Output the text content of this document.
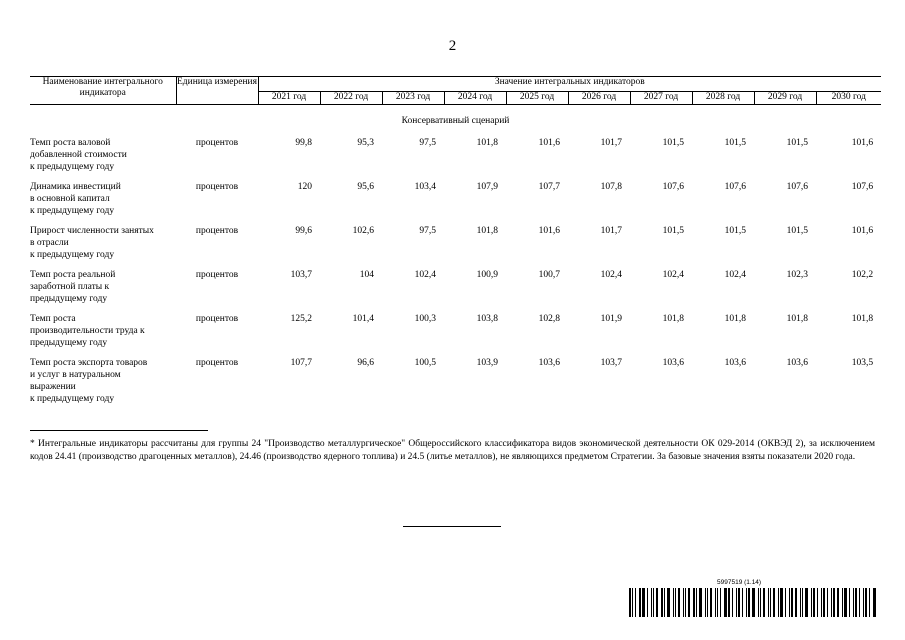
2
Наименование интегрального индикатора	Единица измерения	Значение интегральных индикаторов									
		2021 год	2022 год	2023 год	2024 год	2025 год	2026 год	2027 год	2028 год	2029 год	2030 год
Консервативный сценарий											

Темп роста валовой
добавленной стоимости
к предыдущему году	процентов	99,8	95,3	97,5	101,8	101,6	101,7	101,5	101,5	101,5	101,6

Динамика инвестиций
в основной капитал
к предыдущему году	процентов	120	95,6	103,4	107,9	107,7	107,8	107,6	107,6	107,6	107,6

Прирост численности занятых
в отрасли
к предыдущему году	процентов	99,6	102,6	97,5	101,8	101,6	101,7	101,5	101,5	101,5	101,6

Темп роста реальной
заработной платы к
предыдущему году	процентов	103,7	104	102,4	100,9	100,7	102,4	102,4	102,4	102,3	102,2

Темп роста
производительности труда к
предыдущему году	процентов	125,2	101,4	100,3	103,8	102,8	101,9	101,8	101,8	101,8	101,8

Темп роста экспорта товаров
и услуг в натуральном
выражении
к предыдущему году	процентов	107,7	96,6	100,5	103,9	103,6	103,7	103,6	103,6	103,6	103,5
* Интегральные индикаторы рассчитаны для группы 24 "Производство металлургическое" Общероссийского классификатора видов экономической деятельности ОК 029-2014 (ОКВЭД 2), за исключением кодов 24.41 (производство драгоценных металлов), 24.46 (производство ядерного топлива) и 24.5 (литье металлов), не являющихся предметом Стратегии. За базовые значения взяты показатели 2020 года.
5997519 (1.14)
